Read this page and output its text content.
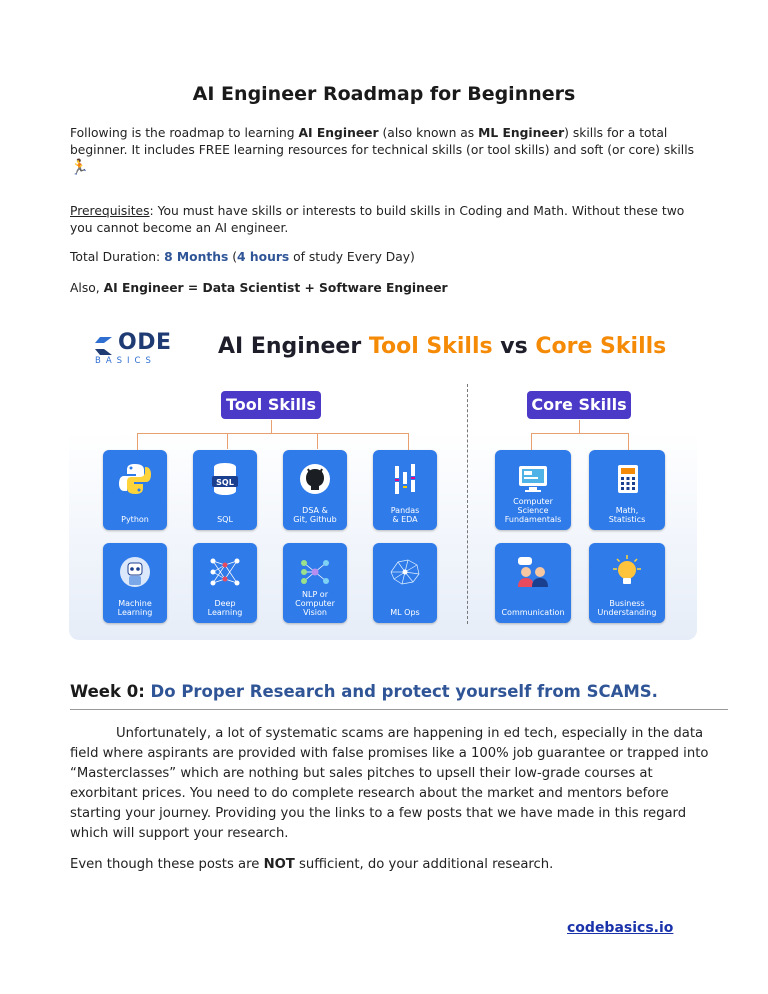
AI Engineer Roadmap for Beginners
Following is the roadmap to learning AI Engineer (also known as ML Engineer) skills for a total beginner. It includes FREE learning resources for technical skills (or tool skills) and soft (or core) skills
🏃
Prerequisites: You must have skills or interests to build skills in Coding and Math. Without these two you cannot become an AI engineer.
Total Duration: 8 Months (4 hours of study Every Day)
Also, AI Engineer = Data Scientist + Software Engineer
ODE
BASICS
AI Engineer Tool Skills vs Core Skills
Tool Skills	Core Skills
Python
SQL
SQL
DSA &
Git, Github
Pandas
& EDA
Machine
Learning
Deep
Learning
NLP or
Computer
Vision	ML Ops
Computer
Science
Fundamentals
Math,
Statistics
Communication
Business
Understanding
Week 0: Do Proper Research and protect yourself from SCAMS.
Unfortunately, a lot of systematic scams are happening in ed tech, especially in the data field where aspirants are provided with false promises like a 100% job guarantee or trapped into “Masterclasses” which are nothing but sales pitches to upsell their low-grade courses at exorbitant prices. You need to do complete research about the market and mentors before starting your journey. Providing you the links to a few posts that we have made in this regard which will support your research.
Even though these posts are NOT sufficient, do your additional research.
codebasics.io
